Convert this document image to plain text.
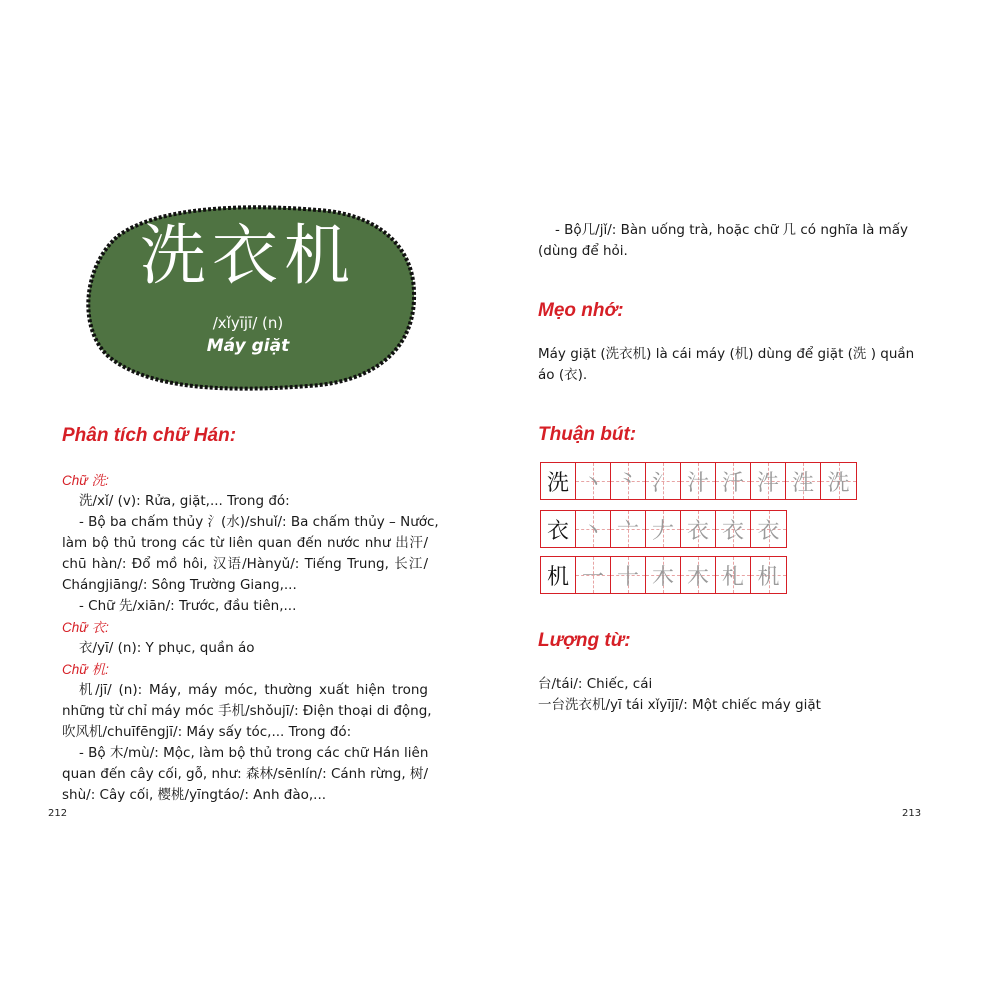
洗衣机
/xǐyījī/ (n)
Máy giặt
Phân tích chữ Hán:
Chữ 洗:
洗/xǐ/ (v): Rửa, giặt,... Trong đó:
- Bộ ba chấm thủy 氵(水)/shuǐ/: Ba chấm thủy – Nước,
làm bộ thủ trong các từ liên quan đến nước như 出汗/
chū hàn/: Đổ mồ hôi, 汉语/Hànyǔ/: Tiếng Trung, 长江/
Chángjiāng/: Sông Trường Giang,...
- Chữ 先/xiān/: Trước, đầu tiên,...
Chữ 衣:
衣/yī/ (n): Y phục, quần áo
Chữ 机:
机/jī/ (n): Máy, máy móc, thường xuất hiện trong
những từ chỉ máy móc 手机/shǒujī/: Điện thoại di động,
吹风机/chuīfēngjī/: Máy sấy tóc,... Trong đó:
- Bộ 木/mù/: Mộc, làm bộ thủ trong các chữ Hán liên
quan đến cây cối, gỗ, như: 森林/sēnlín/: Cánh rừng, 树/
shù/: Cây cối, 樱桃/yīngtáo/: Anh đào,...
212
- Bộ几/jǐ/: Bàn uống trà, hoặc chữ 几 có nghĩa là mấy
(dùng để hỏi.
Mẹo nhớ:
Máy giặt (洗衣机) là cái máy (机) dùng để giặt (洗 ) quần
áo (衣).
Thuận bút:
洗 丶 ⺀ 氵 汁 汘 汼 泩 洗
衣 丶 亠 𠂇 衣 衣 衣
机 一 十 木 木 札 机
Lượng từ:
台/tái/: Chiếc, cái
一台洗衣机/yī tái xǐyījī/: Một chiếc máy giặt
213
